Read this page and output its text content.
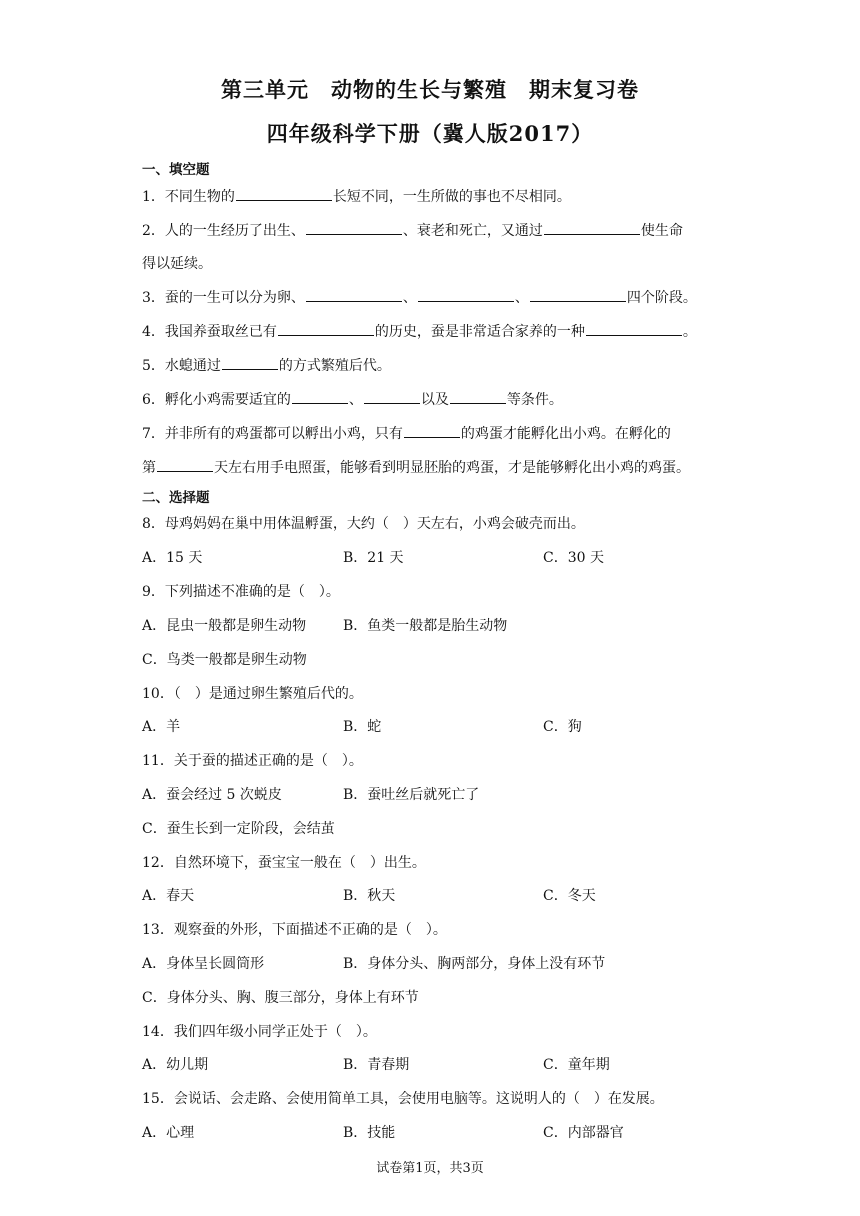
第三单元　动物的生长与繁殖　期末复习卷
四年级科学下册（冀人版2017）
一、填空题
1．不同生物的	长短不同，一生所做的事也不尽相同。
2．人的一生经历了出生、	、衰老和死亡，又通过	使生命
得以延续。
3．蚕的一生可以分为卵、	、	、	四个阶段。
4．我国养蚕取丝已有	的历史，蚕是非常适合家养的一种	。
5．水螅通过	的方式繁殖后代。
6．孵化小鸡需要适宜的	、	以及	等条件。
7．并非所有的鸡蛋都可以孵出小鸡，只有	的鸡蛋才能孵化出小鸡。在孵化的
第	天左右用手电照蛋，能够看到明显胚胎的鸡蛋，才是能够孵化出小鸡的鸡蛋。
二、选择题
8．母鸡妈妈在巢中用体温孵蛋，大约（　）天左右，小鸡会破壳而出。
A．15 天	B．21 天	C．30 天
9．下列描述不准确的是（　）。
A．昆虫一般都是卵生动物	B．鱼类一般都是胎生动物
C．鸟类一般都是卵生动物
10．（　）是通过卵生繁殖后代的。
A．羊	B．蛇	C．狗
11．关于蚕的描述正确的是（　）。
A．蚕会经过 5 次蜕皮	B．蚕吐丝后就死亡了
C．蚕生长到一定阶段，会结茧
12．自然环境下，蚕宝宝一般在（　）出生。
A．春天	B．秋天	C．冬天
13．观察蚕的外形，下面描述不正确的是（　）。
A．身体呈长圆筒形	B．身体分头、胸两部分，身体上没有环节
C．身体分头、胸、腹三部分，身体上有环节
14．我们四年级小同学正处于（　）。
A．幼儿期	B．青春期	C．童年期
15．会说话、会走路、会使用简单工具，会使用电脑等。这说明人的（　）在发展。
A．心理	B．技能	C．内部器官
试卷第1页，共3页
